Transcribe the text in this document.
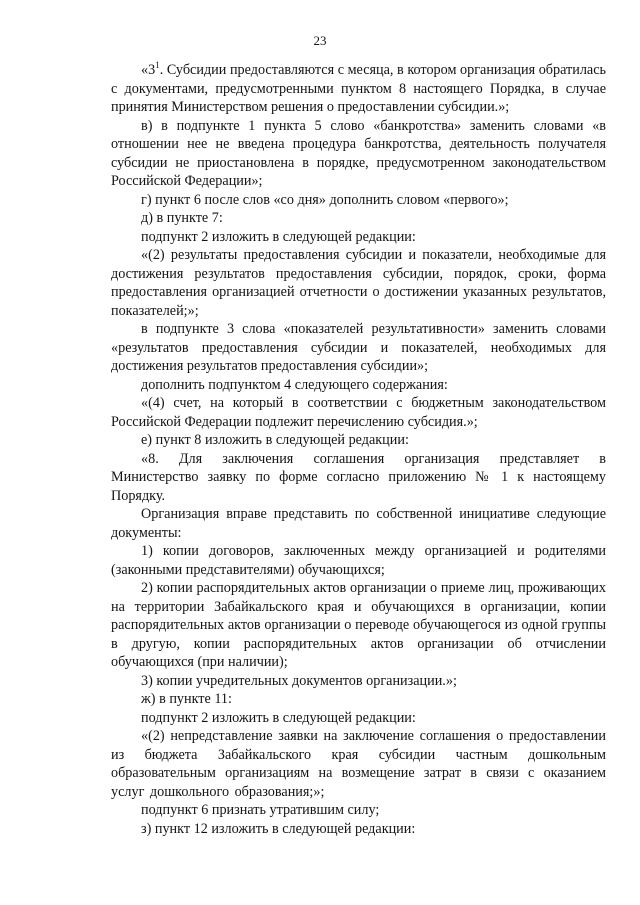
23

«$3^1$. Субсидии предоставляются с месяца, в котором организация обратилась с документами, предусмотренными пунктом 8 настоящего Порядка, в случае принятия Министерством решения о предоставлении субсидии.»;

в) в подпункте 1 пункта 5 слово «банкротства» заменить словами «в отношении нее не введена процедура банкротства, деятельность получателя субсидии не приостановлена в порядке, предусмотренном законодательством Российской Федерации»;

г) пункт 6 после слов «со дня» дополнить словом «первого»;

д) в пункте 7:

подпункт 2 изложить в следующей редакции:

«(2) результаты предоставления субсидии и показатели, необходимые для достижения результатов предоставления субсидии, порядок, сроки, форма предоставления организацией отчетности о достижении указанных результатов, показателей;»;

в подпункте 3 слова «показателей результативности» заменить словами «результатов предоставления субсидии и показателей, необходимых для достижения результатов предоставления субсидии»;

дополнить подпунктом 4 следующего содержания:

«(4) счет, на который в соответствии с бюджетным законодательством Российской Федерации подлежит перечислению субсидия.»;

е) пункт 8 изложить в следующей редакции:

«8. Для заключения соглашения организация представляет в Министерство заявку по форме согласно приложению № 1 к настоящему Порядку.

Организация вправе представить по собственной инициативе следующие документы:

1) копии договоров, заключенных между организацией и родителями (законными представителями) обучающихся;

2) копии распорядительных актов организации о приеме лиц, проживающих на территории Забайкальского края и обучающихся в организации, копии распорядительных актов организации о переводе обучающегося из одной группы в другую, копии распорядительных актов организации об отчислении обучающихся (при наличии);

3) копии учредительных документов организации.»;

ж) в пункте 11:

подпункт 2 изложить в следующей редакции:

«(2) непредставление заявки на заключение соглашения о предоставлении из бюджета Забайкальского края субсидии частным дошкольным образовательным организациям на возмещение затрат в связи с оказанием услуг дошкольного образования;»;

подпункт 6 признать утратившим силу;

з) пункт 12 изложить в следующей редакции:
